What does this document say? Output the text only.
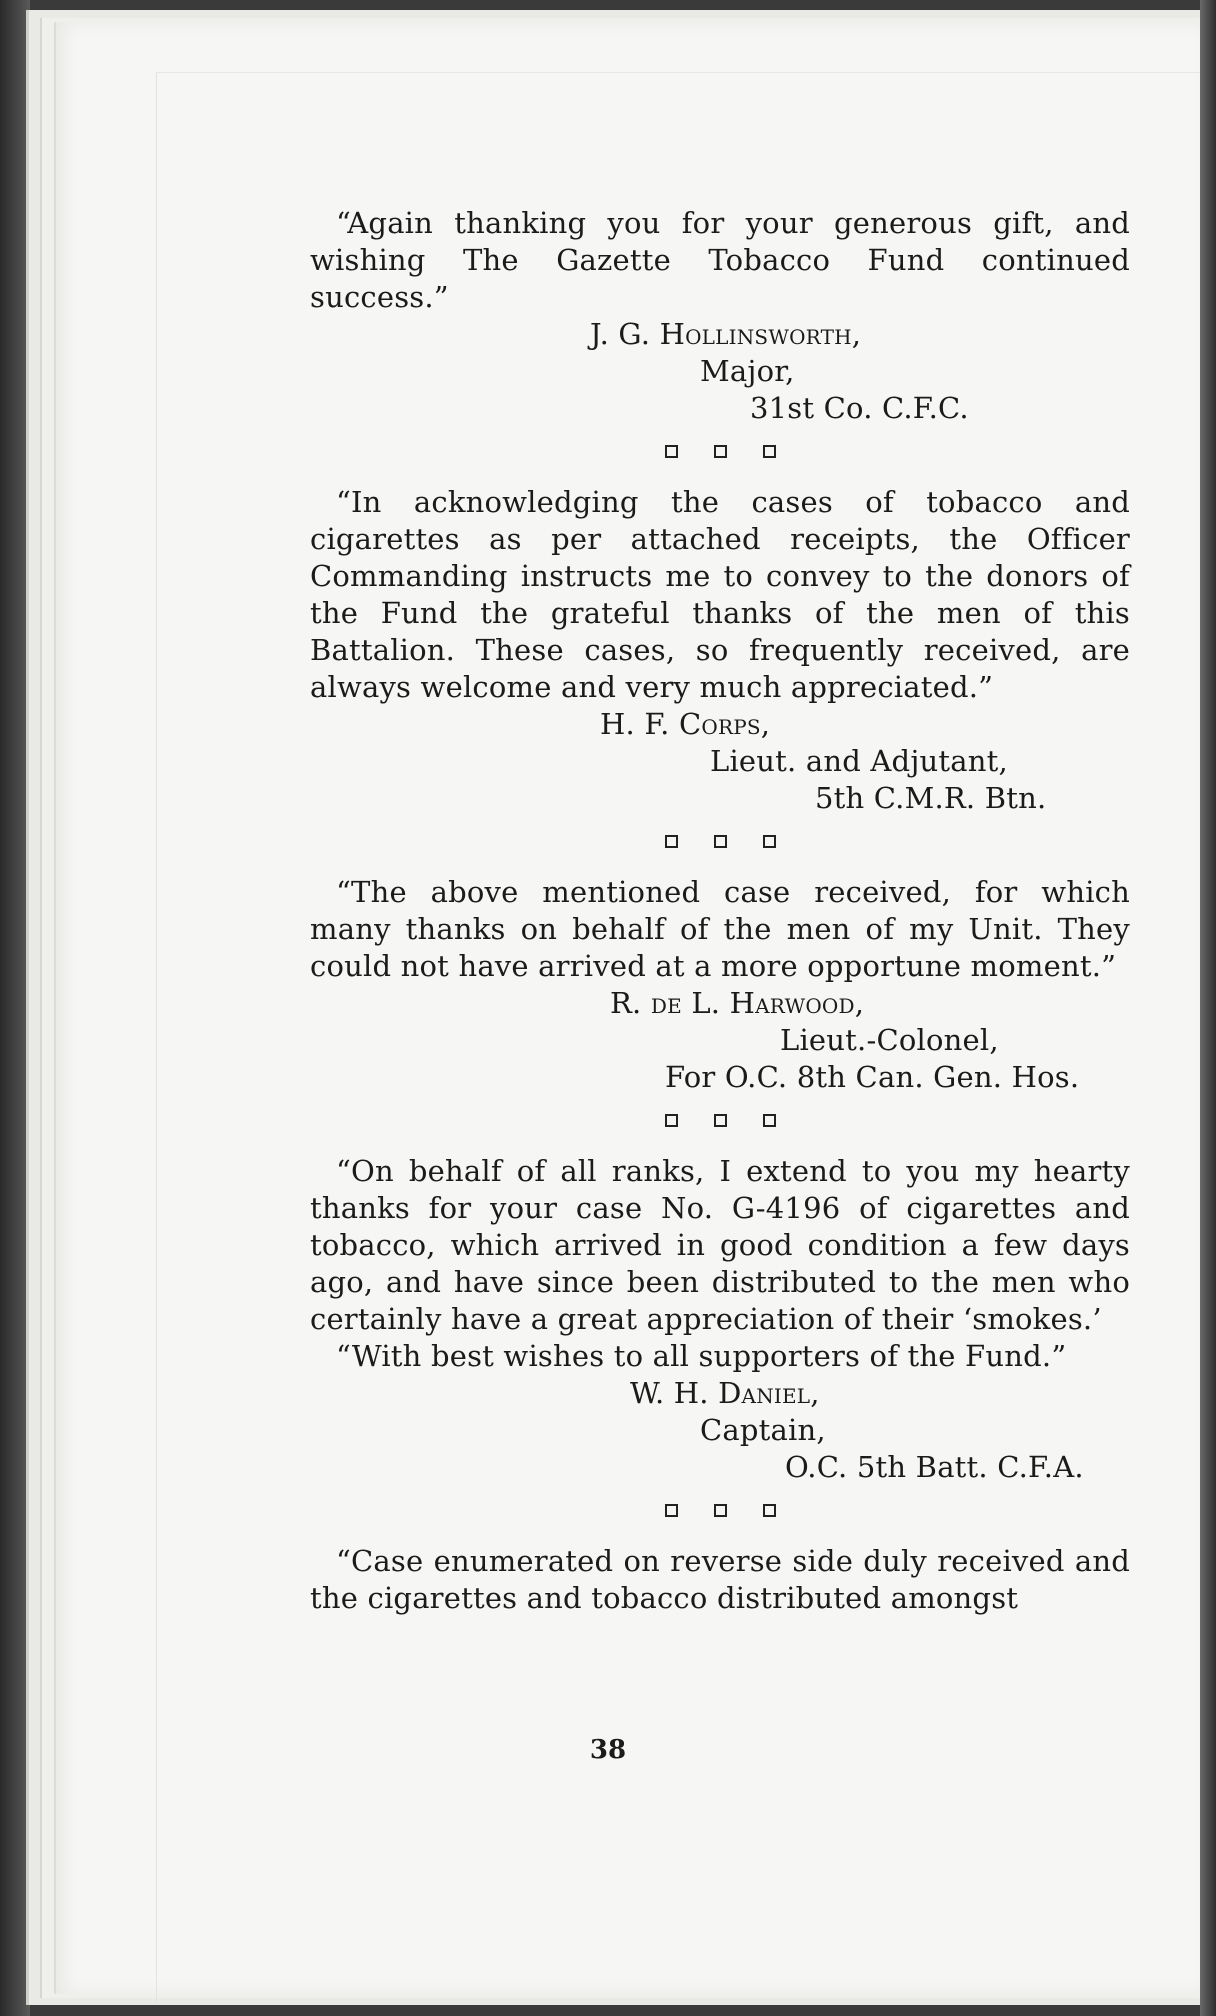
“Again thanking you for your generous gift, and wishing The Gazette Tobacco Fund continued success.”

J. G. Hollinsworth,
Major,
31st Co. C.F.C.

“In acknowledging the cases of tobacco and cigarettes as per attached receipts, the Officer Commanding instructs me to convey to the donors of the Fund the grateful thanks of the men of this Battalion. These cases, so frequently received, are always welcome and very much appreciated.”

H. F. Corps,
Lieut. and Adjutant,
5th C.M.R. Btn.

“The above mentioned case received, for which many thanks on behalf of the men of my Unit. They could not have arrived at a more opportune moment.”

R. de L. Harwood,
Lieut.-Colonel,
For O.C. 8th Can. Gen. Hos.

“On behalf of all ranks, I extend to you my hearty thanks for your case No. G-4196 of cigarettes and tobacco, which arrived in good condition a few days ago, and have since been distributed to the men who certainly have a great appreciation of their ‘smokes.’

“With best wishes to all supporters of the Fund.”

W. H. Daniel,
Captain,
O.C. 5th Batt. C.F.A.

“Case enumerated on reverse side duly received and the cigarettes and tobacco distributed amongst

38
